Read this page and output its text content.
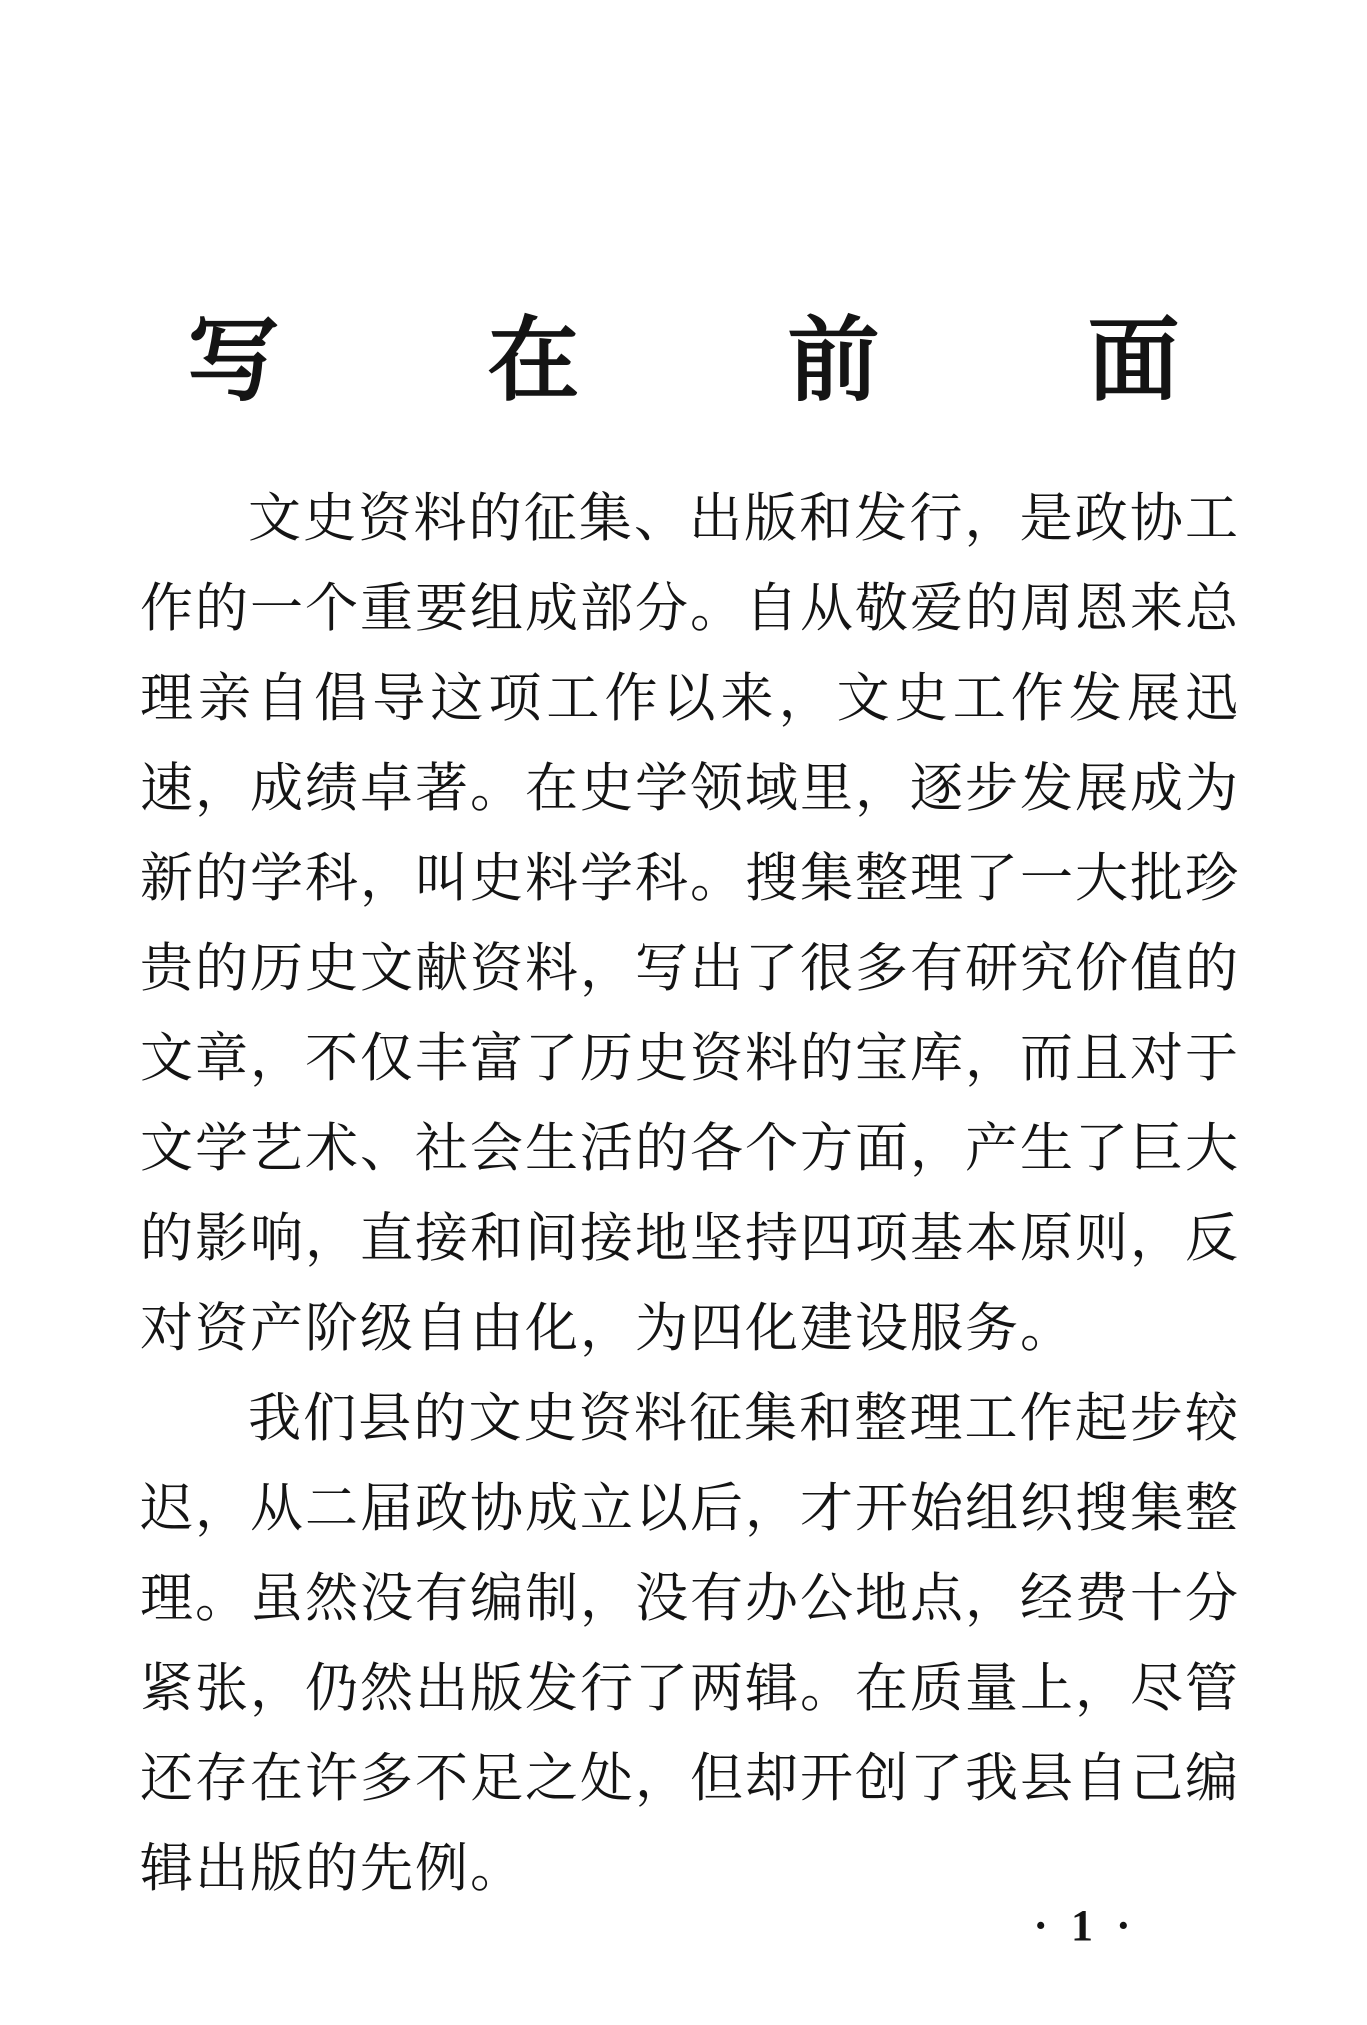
写 在 前 面

文史资料的征集、出版和发行，是政协工作的一个重要组成部分。自从敬爱的周恩来总理亲自倡导这项工作以来，文史工作发展迅速，成绩卓著。在史学领域里，逐步发展成为新的学科，叫史料学科。搜集整理了一大批珍贵的历史文献资料，写出了很多有研究价值的文章，不仅丰富了历史资料的宝库，而且对于文学艺术、社会生活的各个方面，产生了巨大的影响，直接和间接地坚持四项基本原则，反对资产阶级自由化，为四化建设服务。

我们县的文史资料征集和整理工作起步较迟，从二届政协成立以后，才开始组织搜集整理。虽然没有编制，没有办公地点，经费十分紧张，仍然出版发行了两辑。在质量上，尽管还存在许多不足之处，但却开创了我县自己编辑出版的先例。

· 1 ·
